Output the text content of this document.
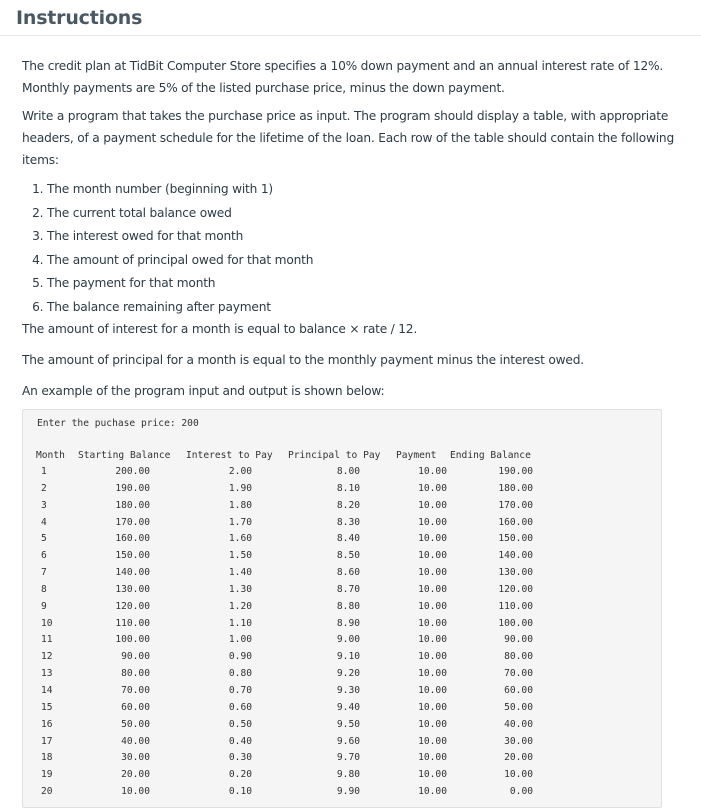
Instructions

The credit plan at TidBit Computer Store specifies a 10% down payment and an annual interest rate of 12%. Monthly payments are 5% of the listed purchase price, minus the down payment.

Write a program that takes the purchase price as input. The program should display a table, with appropriate headers, of a payment schedule for the lifetime of the loan. Each row of the table should contain the following items:

1. The month number (beginning with 1)
2. The current total balance owed
3. The interest owed for that month
4. The amount of principal owed for that month
5. The payment for that month
6. The balance remaining after payment

The amount of interest for a month is equal to balance × rate / 12.

The amount of principal for a month is equal to the monthly payment minus the interest owed.

An example of the program input and output is shown below:

Enter the puchase price: 200
Month	Starting Balance	Interest to Pay	Principal to Pay	Payment	Ending Balance
1	200.00	2.00	8.00	10.00	190.00
2	190.00	1.90	8.10	10.00	180.00
3	180.00	1.80	8.20	10.00	170.00
4	170.00	1.70	8.30	10.00	160.00
5	160.00	1.60	8.40	10.00	150.00
6	150.00	1.50	8.50	10.00	140.00
7	140.00	1.40	8.60	10.00	130.00
8	130.00	1.30	8.70	10.00	120.00
9	120.00	1.20	8.80	10.00	110.00
10	110.00	1.10	8.90	10.00	100.00
11	100.00	1.00	9.00	10.00	90.00
12	90.00	0.90	9.10	10.00	80.00
13	80.00	0.80	9.20	10.00	70.00
14	70.00	0.70	9.30	10.00	60.00
15	60.00	0.60	9.40	10.00	50.00
16	50.00	0.50	9.50	10.00	40.00
17	40.00	0.40	9.60	10.00	30.00
18	30.00	0.30	9.70	10.00	20.00
19	20.00	0.20	9.80	10.00	10.00
20	10.00	0.10	9.90	10.00	0.00
